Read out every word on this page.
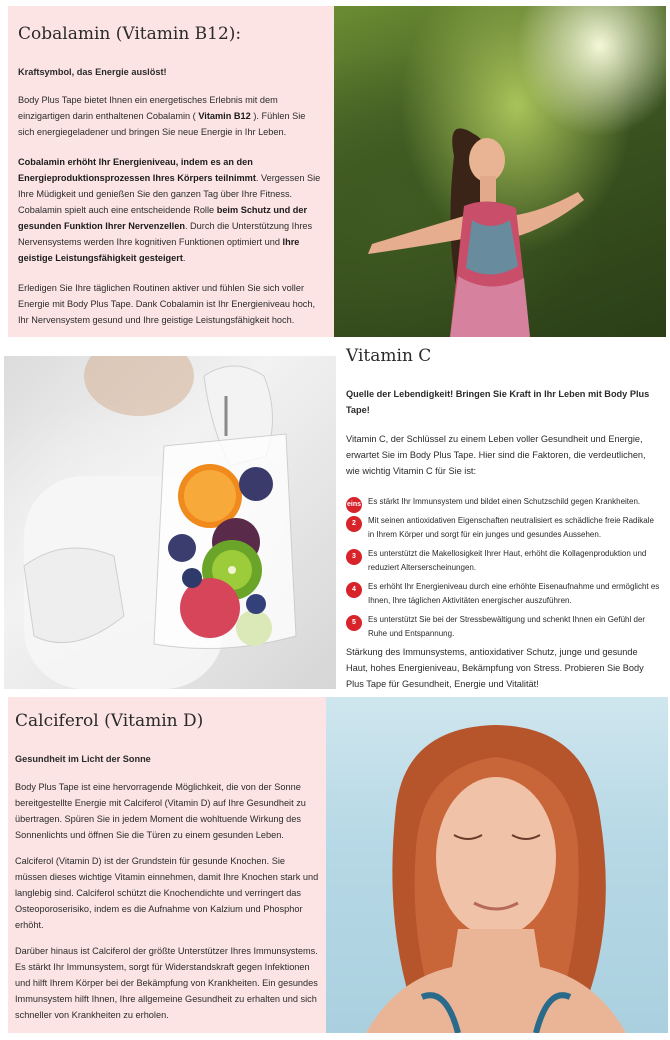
Cobalamin (Vitamin B12):
Kraftsymbol, das Energie auslöst!

Body Plus Tape bietet Ihnen ein energetisches Erlebnis mit dem einzigartigen darin enthaltenen Cobalamin ( Vitamin B12 ). Fühlen Sie sich energiegeladener und bringen Sie neue Energie in Ihr Leben.

Cobalamin erhöht Ihr Energieniveau, indem es an den Energieproduktionsprozessen Ihres Körpers teilnimmt. Vergessen Sie Ihre Müdigkeit und genießen Sie den ganzen Tag über Ihre Fitness. Cobalamin spielt auch eine entscheidende Rolle beim Schutz und der gesunden Funktion Ihrer Nervenzellen. Durch die Unterstützung Ihres Nervensystems werden Ihre kognitiven Funktionen optimiert und Ihre geistige Leistungsfähigkeit gesteigert.

Erledigen Sie Ihre täglichen Routinen aktiver und fühlen Sie sich voller Energie mit Body Plus Tape. Dank Cobalamin ist Ihr Energieniveau hoch, Ihr Nervensystem gesund und Ihre geistige Leistungsfähigkeit hoch.

Vitamin C
Quelle der Lebendigkeit! Bringen Sie Kraft in Ihr Leben mit Body Plus Tape!

Vitamin C, der Schlüssel zu einem Leben voller Gesundheit und Energie, erwartet Sie im Body Plus Tape. Hier sind die Faktoren, die verdeutlichen, wie wichtig Vitamin C für Sie ist:

eins Es stärkt Ihr Immunsystem und bildet einen Schutzschild gegen Krankheiten.
2	Mit seinen antioxidativen Eigenschaften neutralisiert es schädliche freie Radikale in Ihrem Körper und sorgt für ein junges und gesundes Aussehen.
3	Es unterstützt die Makellosigkeit Ihrer Haut, erhöht die Kollagenproduktion und reduziert Alterserscheinungen.
4	Es erhöht Ihr Energieniveau durch eine erhöhte Eisenaufnahme und ermöglicht es Ihnen, Ihre täglichen Aktivitäten energischer auszuführen.
5	Es unterstützt Sie bei der Stressbewältigung und schenkt Ihnen ein Gefühl der Ruhe und Entspannung.

Stärkung des Immunsystems, antioxidativer Schutz, junge und gesunde Haut, hohes Energieniveau, Bekämpfung von Stress. Probieren Sie Body Plus Tape für Gesundheit, Energie und Vitalität!

Calciferol (Vitamin D)
Gesundheit im Licht der Sonne

Body Plus Tape ist eine hervorragende Möglichkeit, die von der Sonne bereitgestellte Energie mit Calciferol (Vitamin D) auf Ihre Gesundheit zu übertragen. Spüren Sie in jedem Moment die wohltuende Wirkung des Sonnenlichts und öffnen Sie die Türen zu einem gesunden Leben.

Calciferol (Vitamin D) ist der Grundstein für gesunde Knochen. Sie müssen dieses wichtige Vitamin einnehmen, damit Ihre Knochen stark und langlebig sind. Calciferol schützt die Knochendichte und verringert das Osteoporoserisiko, indem es die Aufnahme von Kalzium und Phosphor erhöht.

Darüber hinaus ist Calciferol der größte Unterstützer Ihres Immunsystems. Es stärkt Ihr Immunsystem, sorgt für Widerstandskraft gegen Infektionen und hilft Ihrem Körper bei der Bekämpfung von Krankheiten. Ein gesundes Immunsystem hilft Ihnen, Ihre allgemeine Gesundheit zu erhalten und sich schneller von Krankheiten zu erholen.
